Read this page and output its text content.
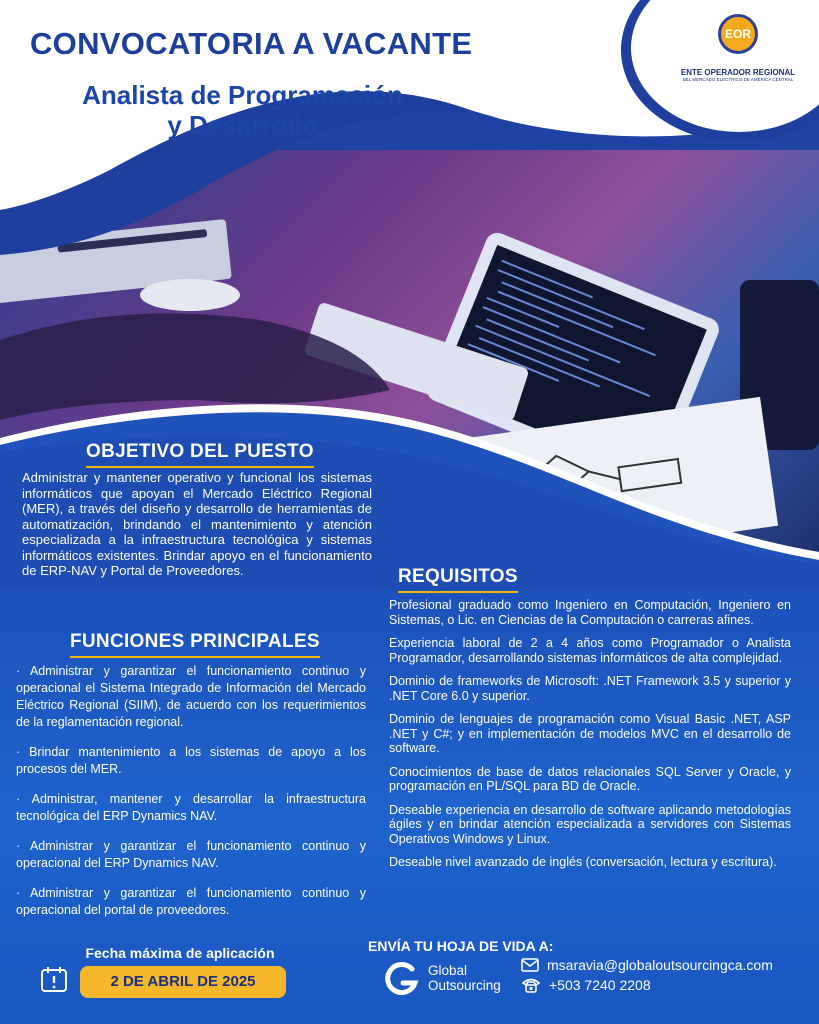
CONVOCATORIA A VACANTE
Analista de Programación
y Desarrollo
EOR
ENTE OPERADOR REGIONAL
DEL MERCADO ELÉCTRICO DE AMÉRICA CENTRAL
OBJETIVO DEL PUESTO
Administrar y mantener operativo y funcional los sistemas informáticos que apoyan el Mercado Eléctrico Regional (MER), a través del diseño y desarrollo de herramientas de automatización, brindando el mantenimiento y atención especializada a la infraestructura tecnológica y sistemas informáticos existentes. Brindar apoyo en el funcionamiento de ERP-NAV y Portal de Proveedores.
FUNCIONES PRINCIPALES

· Administrar y garantizar el funcionamiento continuo y operacional el Sistema Integrado de Información del Mercado Eléctrico Regional (SIIM), de acuerdo con los requerimientos de la reglamentación regional.

· Brindar mantenimiento a los sistemas de apoyo a los procesos del MER.

· Administrar, mantener y desarrollar la infraestructura tecnológica del ERP Dynamics NAV.

· Administrar y garantizar el funcionamiento continuo y operacional del ERP Dynamics NAV.

· Administrar y garantizar el funcionamiento continuo y operacional del portal de proveedores.

REQUISITOS

Profesional graduado como Ingeniero en Computación, Ingeniero en Sistemas, o Lic. en Ciencias de la Computación o carreras afines.

Experiencia laboral de 2 a 4 años como Programador o Analista Programador, desarrollando sistemas informáticos de alta complejidad.

Dominio de frameworks de Microsoft: .NET Framework 3.5 y superior y .NET Core 6.0 y superior.

Dominio de lenguajes de programación como Visual Basic .NET, ASP .NET y C#; y en implementación de modelos MVC en el desarrollo de software.

Conocimientos de base de datos relacionales SQL Server y Oracle, y programación en PL/SQL para BD de Oracle.

Deseable experiencia en desarrollo de software aplicando metodologías ágiles y en brindar atención especializada a servidores con Sistemas Operativos Windows y Linux.

Deseable nivel avanzado de inglés (conversación, lectura y escritura).

Fecha máxima de aplicación
2 DE ABRIL DE 2025
ENVÍA TU HOJA DE VIDA A:
Global
Outsourcing
msaravia@globaloutsourcingca.com
+503 7240 2208
